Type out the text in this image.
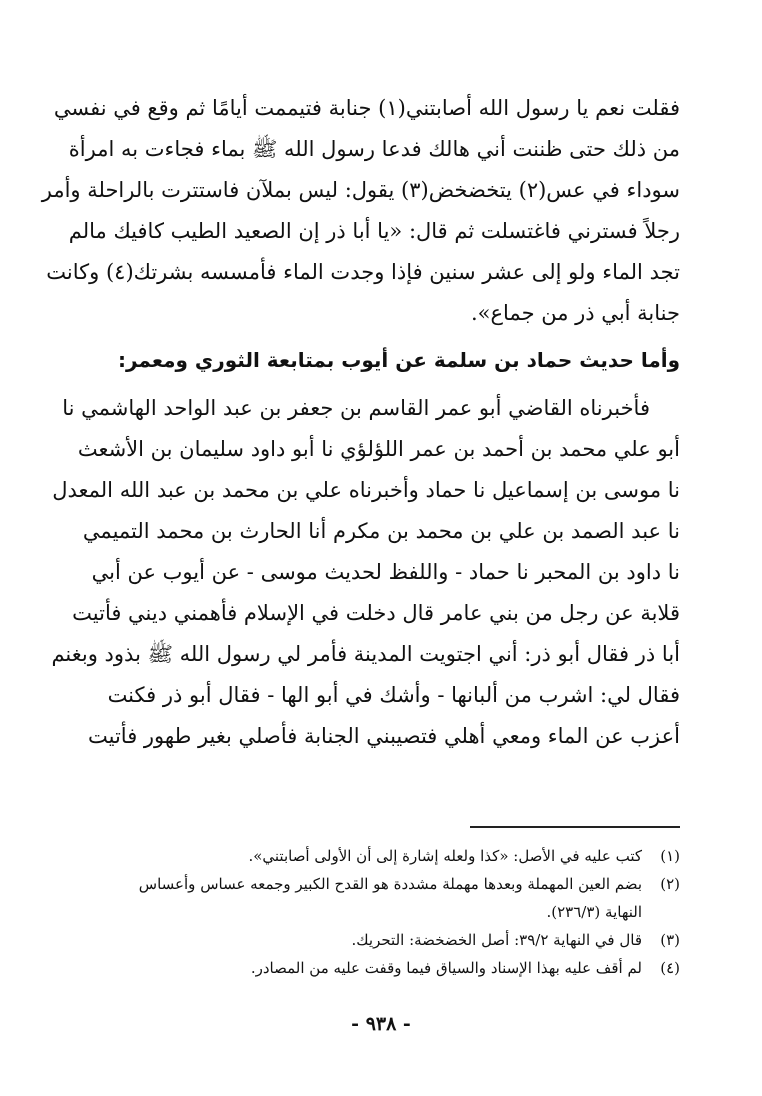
فقلت نعم يا رسول الله أصابتني(١) جنابة فتيممت أيامًا ثم وقع في نفسي
من ذلك حتى ظننت أني هالك فدعا رسول الله ﷺ بماء فجاءت به امرأة
سوداء في عس(٢) يتخضخض(٣) يقول: ليس بملآن فاستترت بالراحلة وأمر
رجلاً فسترني فاغتسلت ثم قال: «يا أبا ذر إن الصعيد الطيب كافيك مالم
تجد الماء ولو إلى عشر سنين فإذا وجدت الماء فأمسسه بشرتك(٤) وكانت
جنابة أبي ذر من جماع».
وأما حديث حماد بن سلمة عن أيوب بمتابعة الثوري ومعمر:
فأخبرناه القاضي أبو عمر القاسم بن جعفر بن عبد الواحد الهاشمي نا
أبو علي محمد بن أحمد بن عمر اللؤلؤي نا أبو داود سليمان بن الأشعث
نا موسى بن إسماعيل نا حماد وأخبرناه علي بن محمد بن عبد الله المعدل
نا عبد الصمد بن علي بن محمد بن مكرم أنا الحارث بن محمد التميمي
نا داود بن المحبر نا حماد - واللفظ لحديث موسى - عن أيوب عن أبي
قلابة عن رجل من بني عامر قال دخلت في الإسلام فأهمني ديني فأتيت
أبا ذر فقال أبو ذر: أني اجتويت المدينة فأمر لي رسول الله ﷺ بذود وبغنم
فقال لي: اشرب من ألبانها - وأشك في أبو الها - فقال أبو ذر فكنت
أعزب عن الماء ومعي أهلي فتصيبني الجنابة فأصلي بغير طهور فأتيت
(١)
كتب عليه في الأصل: «كذا ولعله إشارة إلى أن الأولى أصابتني».
(٢)
بضم العين المهملة وبعدها مهملة مشددة هو القدح الكبير وجمعه عساس وأعساس
النهاية (٢٣٦/٣).
(٣)
قال في النهاية ٣٩/٢: أصل الخضخضة: التحريك.
(٤)
لم أقف عليه بهذا الإسناد والسياق فيما وقفت عليه من المصادر.
- ٩٣٨ -
